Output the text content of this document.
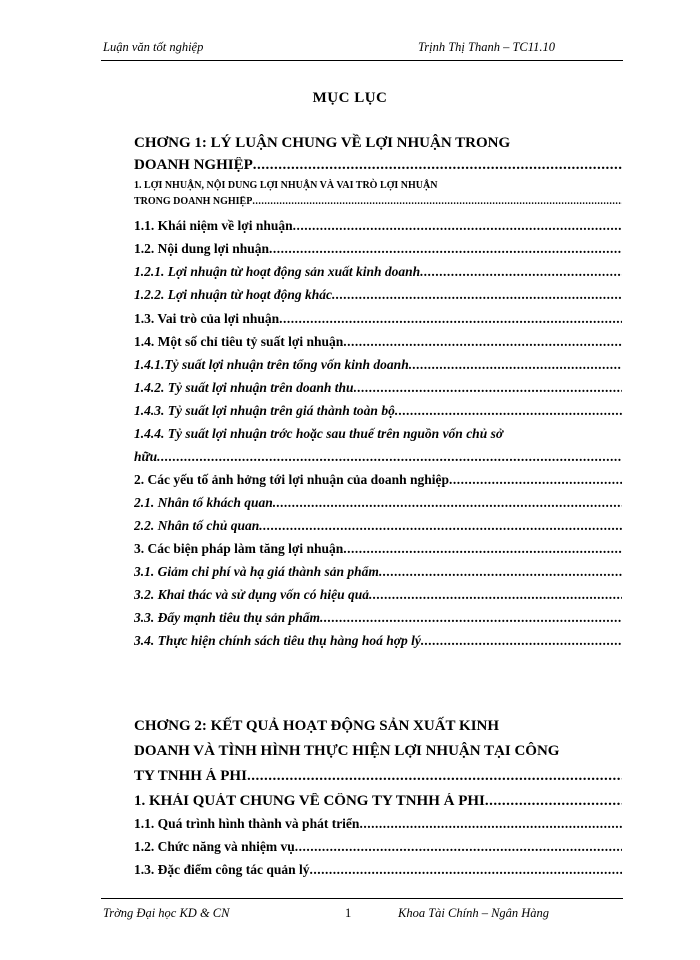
Luận văn tốt nghiệp	Trịnh Thị Thanh – TC11.10
MỤC LỤC
CHƠNG 1: LÝ LUẬN CHUNG VỀ LỢI NHUẬN TRONG
DOANH NGHIỆP
.....
1. LỢI NHUẬN, NỘI DUNG LỢI NHUẬN VÀ VAI TRÒ LỢI NHUẬN
TRONG DOANH NGHIỆP
.....
1.1. Khái niệm về lợi nhuận
.....
1.2. Nội dung lợi nhuận
.....
1.2.1. Lợi nhuận từ hoạt động sản xuất kinh doanh
.....
1.2.2. Lợi nhuận từ hoạt động khác
.....
1.3. Vai trò của lợi nhuận
.....
1.4. Một số chỉ tiêu tỷ suất lợi nhuận
.....
1.4.1.Tỷ suất lợi nhuận trên tổng vốn kinh doanh
.....
1.4.2. Tỷ suất lợi nhuận trên doanh thu
.....
1.4.3. Tỷ suất lợi nhuận trên giá thành toàn bộ
.....
1.4.4. Tỷ suất lợi nhuận trớc hoặc sau thuế trên nguồn vốn chủ sở
hữu
.....
2. Các yếu tố ảnh hởng tới lợi nhuận của doanh nghiệp
.....
2.1. Nhân tố khách quan
.....
2.2. Nhân tố chủ quan
.....
3. Các biện pháp làm tăng lợi nhuận
.....
3.1. Giảm chi phí và hạ giá thành sản phẩm
.....
3.2. Khai thác và sử dụng vốn có hiệu quả
.....
3.3. Đẩy mạnh tiêu thụ sản phẩm
.....
3.4. Thực hiện chính sách tiêu thụ hàng hoá hợp lý
.....
CHƠNG 2: KẾT QUẢ HOẠT ĐỘNG SẢN XUẤT KINH
DOANH VÀ TÌNH HÌNH THỰC HIỆN LỢI NHUẬN TẠI CÔNG
TY TNHH Á PHI
.....
1. KHÁI QUÁT CHUNG VỀ CÔNG TY TNHH Á PHI
.....
1.1. Quá trình hình thành và phát triển
.....
1.2. Chức năng và nhiệm vụ
.....
1.3. Đặc điểm công tác quản lý
.....
Trờng Đại học KD & CN	1	Khoa Tài Chính – Ngân Hàng
